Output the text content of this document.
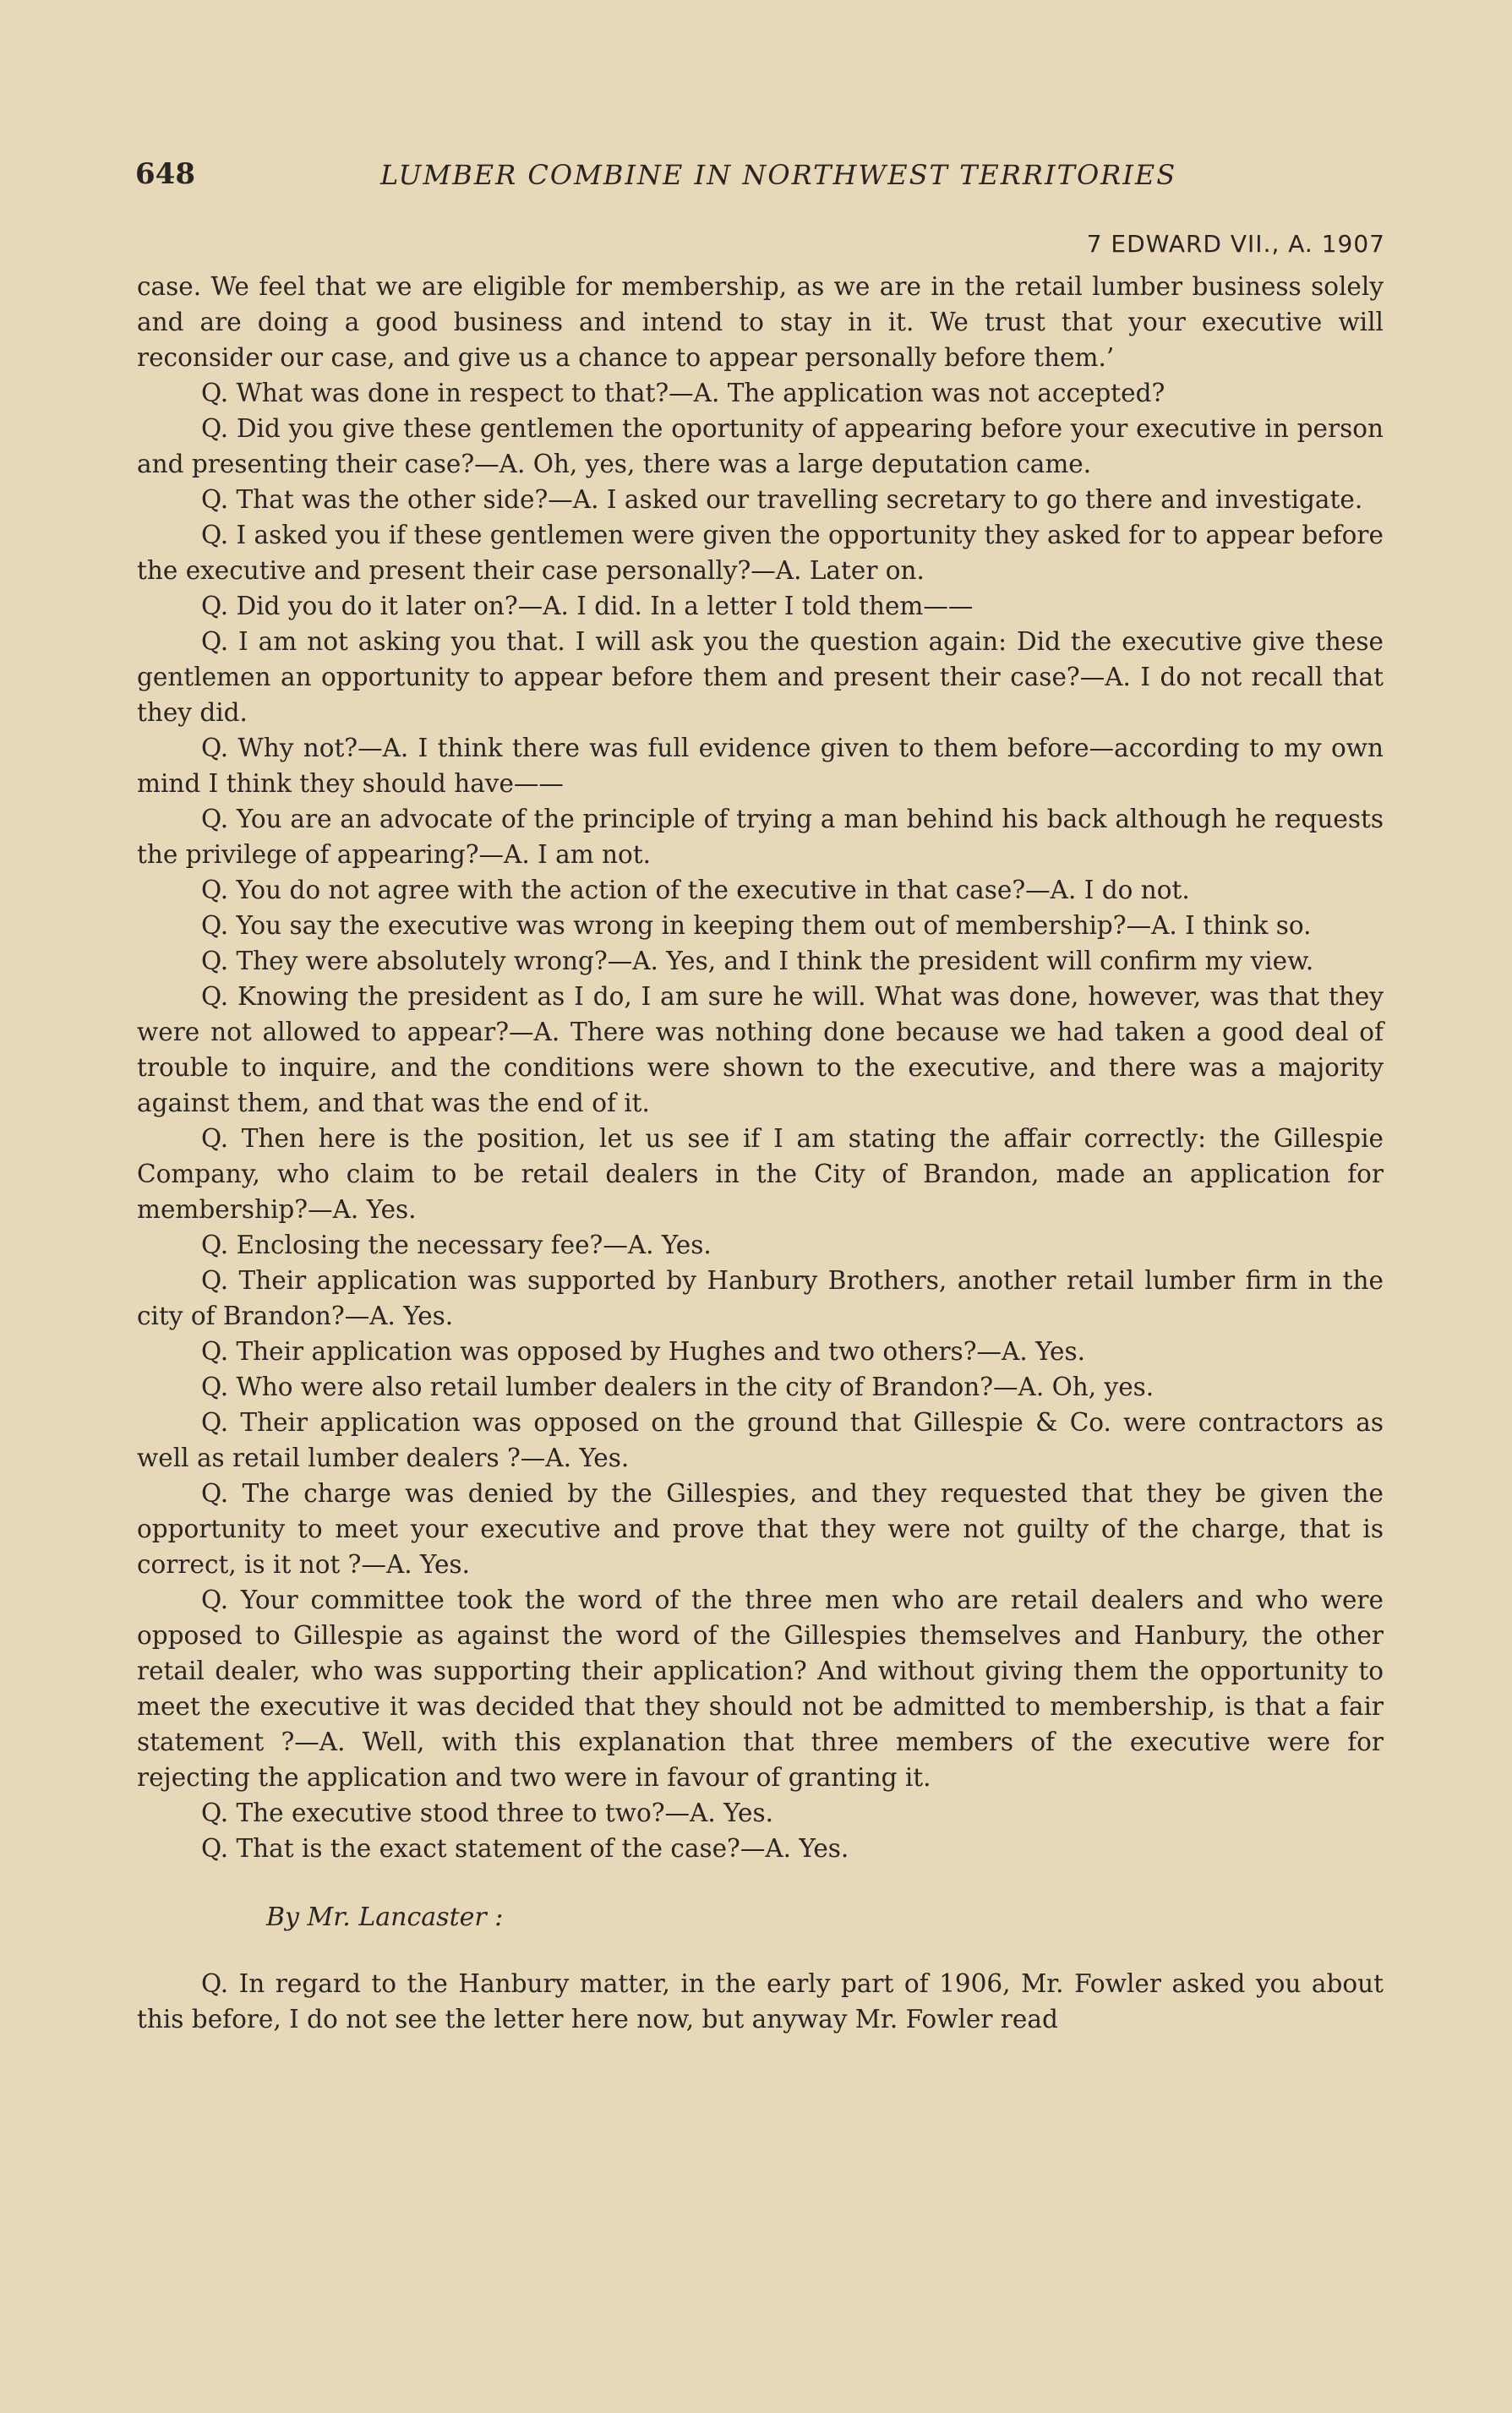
648	LUMBER COMBINE IN NORTHWEST TERRITORIES
7 EDWARD VII., A. 1907

case. We feel that we are eligible for membership, as we are in the retail lumber business solely and are doing a good business and intend to stay in it. We trust that your executive will reconsider our case, and give us a chance to appear personally before them.’

Q. What was done in respect to that?—A. The application was not accepted?

Q. Did you give these gentlemen the oportunity of appearing before your executive in person and presenting their case?—A. Oh, yes, there was a large deputation came.

Q. That was the other side?—A. I asked our travelling secretary to go there and investigate.

Q. I asked you if these gentlemen were given the opportunity they asked for to appear before the executive and present their case personally?—A. Later on.

Q. Did you do it later on?—A. I did. In a letter I told them——

Q. I am not asking you that. I will ask you the question again: Did the executive give these gentlemen an opportunity to appear before them and present their case?—A. I do not recall that they did.

Q. Why not?—A. I think there was full evidence given to them before—according to my own mind I think they should have——

Q. You are an advocate of the principle of trying a man behind his back although he requests the privilege of appearing?—A. I am not.

Q. You do not agree with the action of the executive in that case?—A. I do not.

Q. You say the executive was wrong in keeping them out of membership?—A. I think so.

Q. They were absolutely wrong?—A. Yes, and I think the president will confirm my view.

Q. Knowing the president as I do, I am sure he will. What was done, however, was that they were not allowed to appear?—A. There was nothing done because we had taken a good deal of trouble to inquire, and the conditions were shown to the executive, and there was a majority against them, and that was the end of it.

Q. Then here is the position, let us see if I am stating the affair correctly: the Gillespie Company, who claim to be retail dealers in the City of Brandon, made an application for membership?—A. Yes.

Q. Enclosing the necessary fee?—A. Yes.

Q. Their application was supported by Hanbury Brothers, another retail lumber firm in the city of Brandon?—A. Yes.

Q. Their application was opposed by Hughes and two others?—A. Yes.

Q. Who were also retail lumber dealers in the city of Brandon?—A. Oh, yes.

Q. Their application was opposed on the ground that Gillespie & Co. were contractors as well as retail lumber dealers ?—A. Yes.

Q. The charge was denied by the Gillespies, and they requested that they be given the opportunity to meet your executive and prove that they were not guilty of the charge, that is correct, is it not ?—A. Yes.

Q. Your committee took the word of the three men who are retail dealers and who were opposed to Gillespie as against the word of the Gillespies themselves and Hanbury, the other retail dealer, who was supporting their application? And without giving them the opportunity to meet the executive it was decided that they should not be admitted to membership, is that a fair statement ?—A. Well, with this explanation that three members of the executive were for rejecting the application and two were in favour of granting it.

Q. The executive stood three to two?—A. Yes.

Q. That is the exact statement of the case?—A. Yes.

By Mr. Lancaster :

Q. In regard to the Hanbury matter, in the early part of 1906, Mr. Fowler asked you about this before, I do not see the letter here now, but anyway Mr. Fowler read
